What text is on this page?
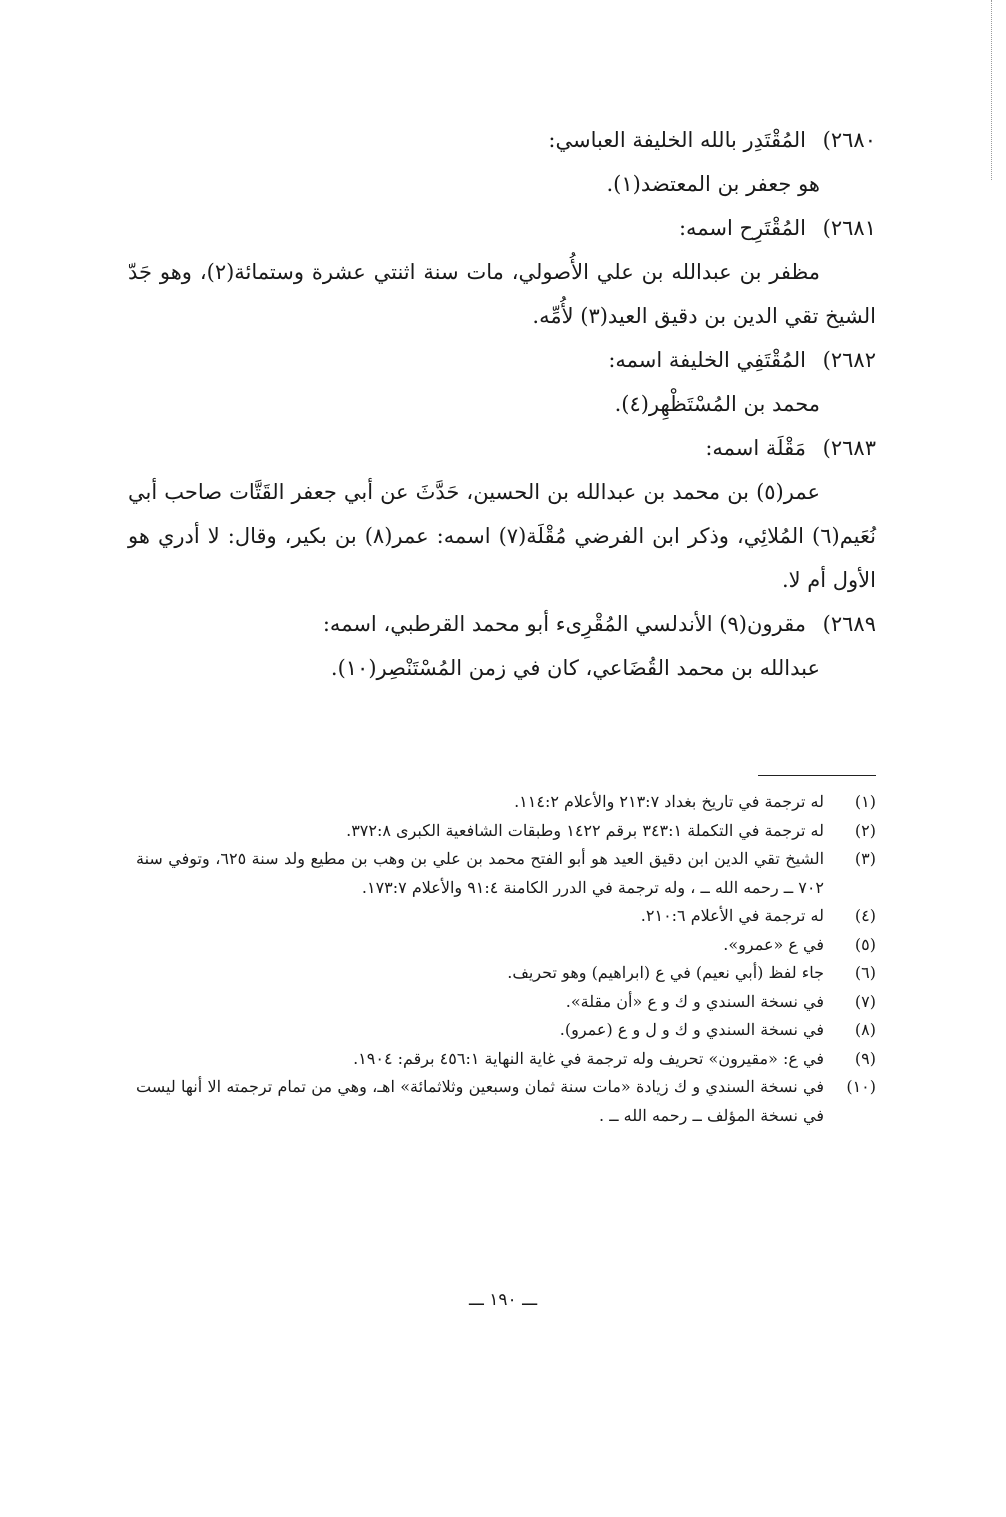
٢٦٨٠)المُقْتَدِر بالله الخليفة العباسي:

هو جعفر بن المعتضد(١).

٢٦٨١)المُقْتَرِح اسمه:

مظفر بن عبدالله بن علي الأُصولي، مات سنة اثنتي عشرة وستمائة(٢)، وهو جَدّ الشيخ تقي الدين بن دقيق العيد(٣) لأُمِّه.

٢٦٨٢)المُقْتَفِي الخليفة اسمه:

محمد بن المُسْتَظْهِر(٤).

٢٦٨٣)مَقْلَة اسمه:

عمر(٥) بن محمد بن عبدالله بن الحسين، حَدَّثَ عن أبي جعفر القَتَّات صاحب أبي نُعَيم(٦) المُلائِي، وذكر ابن الفرضي مُقْلَة(٧) اسمه: عمر(٨) بن بكير، وقال: لا أدري هو الأول أم لا.

٢٦٨٩)مقرون(٩) الأندلسي المُقْرِىء أبو محمد القرطبي، اسمه:

عبدالله بن محمد القُضَاعي، كان في زمن المُسْتَنْصِر(١٠).

(١)
له ترجمة في تاريخ بغداد ٢١٣:٧ والأعلام ١١٤:٢.
(٢)
له ترجمة في التكملة ٣٤٣:١ برقم ١٤٢٢ وطبقات الشافعية الكبرى ٣٧٢:٨.
(٣)
الشيخ تقي الدين ابن دقيق العيد هو أبو الفتح محمد بن علي بن وهب بن مطيع ولد سنة ٦٢٥، وتوفي سنة ٧٠٢ ــ رحمه الله ــ ، وله ترجمة في الدرر الكامنة ٩١:٤ والأعلام ١٧٣:٧.
(٤)
له ترجمة في الأعلام ٢١٠:٦.
(٥)
في ع «عمرو».
(٦)
جاء لفظ (أبي نعيم) في ع (ابراهيم) وهو تحريف.
(٧)
في نسخة السندي و ك و ع «أن مقلة».
(٨)
في نسخة السندي و ك و ل و ع (عمرو).
(٩)
في ع: «مقيرون» تحريف وله ترجمة في غاية النهاية ٤٥٦:١ برقم: ١٩٠٤.
(١٠)
في نسخة السندي و ك زيادة «مات سنة ثمان وسبعين وثلاثمائة» اهـ، وهي من تمام ترجمته الا أنها ليست في نسخة المؤلف ــ رحمه الله ــ .
ـــ ١٩٠ ـــ
